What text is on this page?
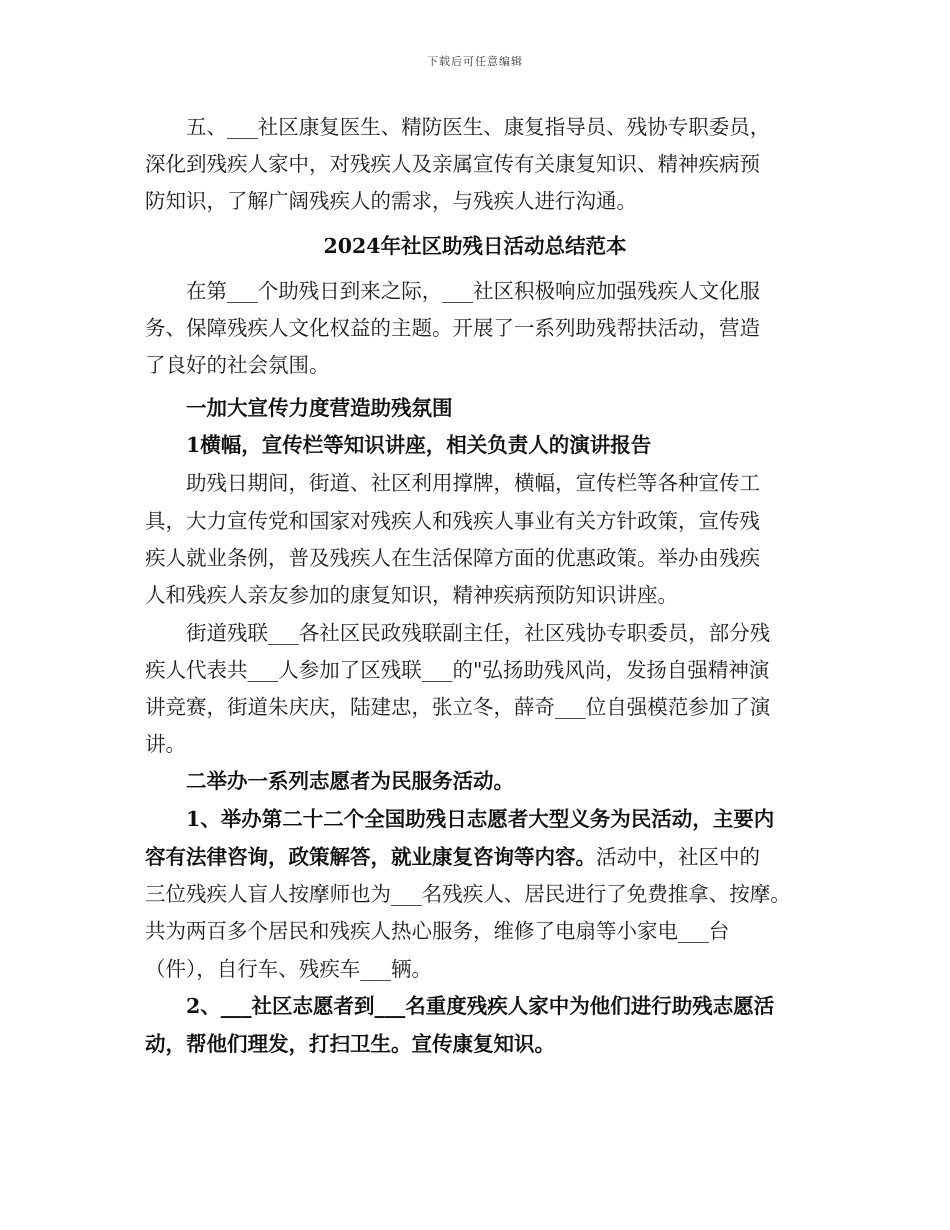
下载后可任意编辑
　　五、___社区康复医生、精防医生、康复指导员、残协专职委员，
深化到残疾人家中，对残疾人及亲属宣传有关康复知识、精神疾病预
防知识，了解广阔残疾人的需求，与残疾人进行沟通。
2024年社区助残日活动总结范本
　　在第___个助残日到来之际，___社区积极响应加强残疾人文化服
务、保障残疾人文化权益的主题。开展了一系列助残帮扶活动，营造
了良好的社会氛围。
　　一加大宣传力度营造助残氛围
　　1横幅，宣传栏等知识讲座，相关负责人的演讲报告
　　助残日期间，街道、社区利用撑牌，横幅，宣传栏等各种宣传工
具，大力宣传党和国家对残疾人和残疾人事业有关方针政策，宣传残
疾人就业条例，普及残疾人在生活保障方面的优惠政策。举办由残疾
人和残疾人亲友参加的康复知识，精神疾病预防知识讲座。
　　街道残联___各社区民政残联副主任，社区残协专职委员，部分残
疾人代表共___人参加了区残联___的"弘扬助残风尚，发扬自强精神演
讲竞赛，街道朱庆庆，陆建忠，张立冬，薛奇___位自强模范参加了演
讲。
　　二举办一系列志愿者为民服务活动。
　　1、举办第二十二个全国助残日志愿者大型义务为民活动，主要内
容有法律咨询，政策解答，就业康复咨询等内容。活动中，社区中的
三位残疾人盲人按摩师也为___名残疾人、居民进行了免费推拿、按摩。
共为两百多个居民和残疾人热心服务，维修了电扇等小家电___台
（件），自行车、残疾车___辆。
　　2、___社区志愿者到___名重度残疾人家中为他们进行助残志愿活
动，帮他们理发，打扫卫生。宣传康复知识。
